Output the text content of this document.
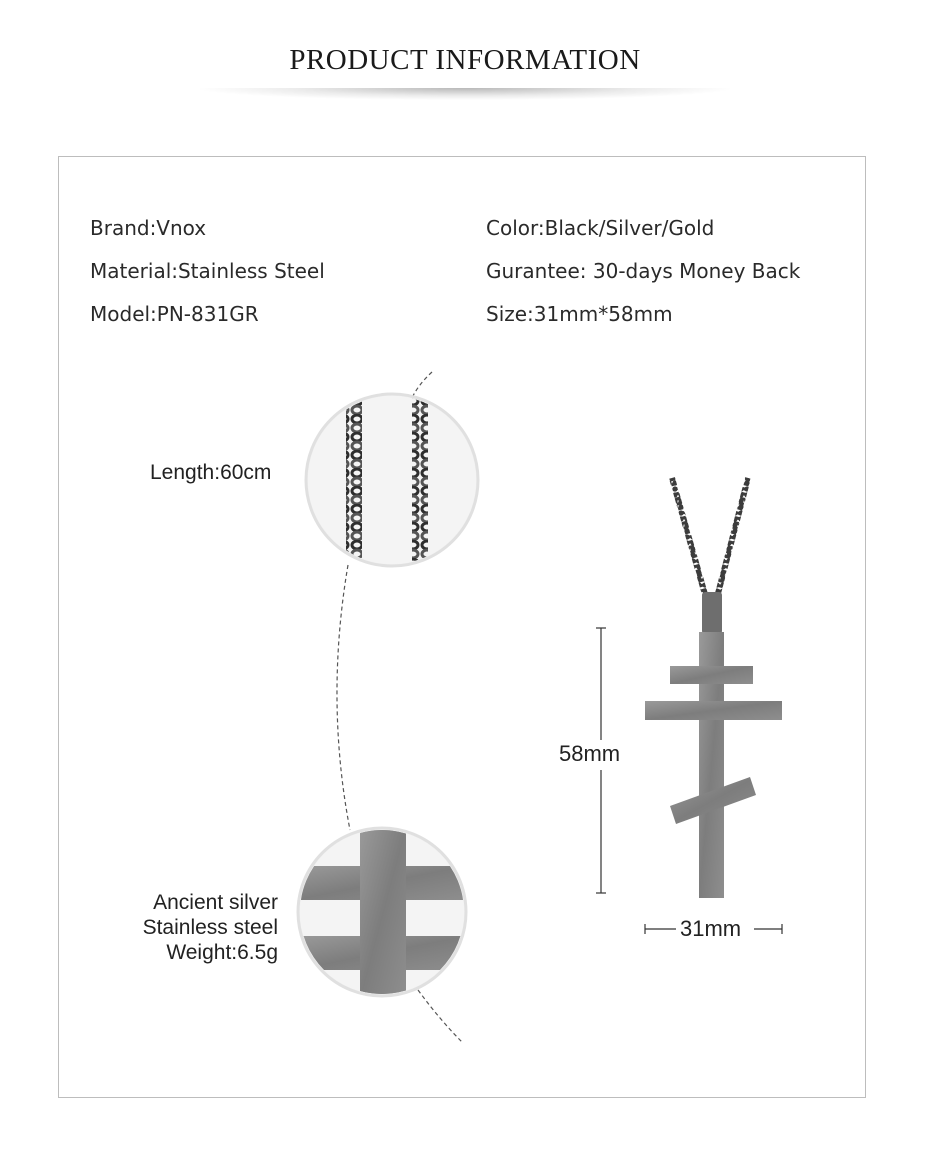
PRODUCT INFORMATION
Brand:Vnox
Material:Stainless Steel
Model:PN-831GR
Color:Black/Silver/Gold
Gurantee: 30-days Money Back
Size:31mm*58mm
Length:60cm
Ancient silver
Stainless steel
Weight:6.5g
58mm
31mm
